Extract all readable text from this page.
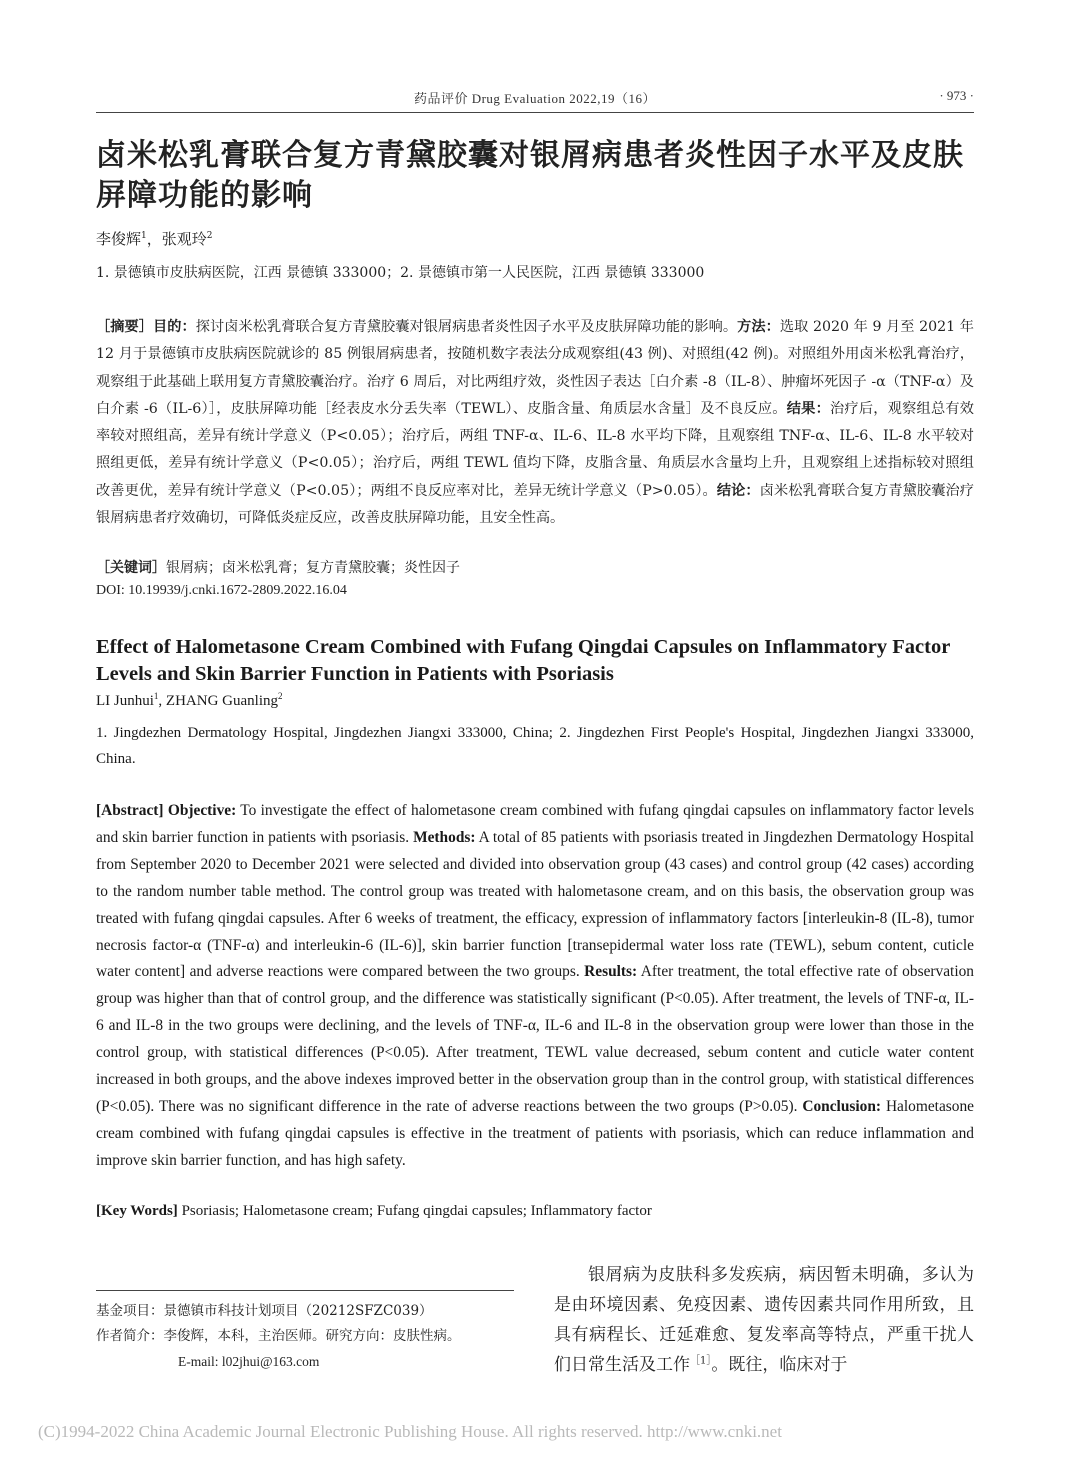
药品评价 Drug Evaluation 2022,19（16）	· 973 ·
卤米松乳膏联合复方青黛胶囊对银屑病患者炎性因子水平及皮肤屏障功能的影响
李俊辉$^1$，张观玲$^2$
1. 景德镇市皮肤病医院，江西 景德镇 333000；2. 景德镇市第一人民医院，江西 景德镇 333000

［摘要］目的：探讨卤米松乳膏联合复方青黛胶囊对银屑病患者炎性因子水平及皮肤屏障功能的影响。方法：选取 2020 年 9 月至 2021 年 12 月于景德镇市皮肤病医院就诊的 85 例银屑病患者，按随机数字表法分成观察组(43 例)、对照组(42 例)。对照组外用卤米松乳膏治疗，观察组于此基础上联用复方青黛胶囊治疗。治疗 6 周后，对比两组疗效，炎性因子表达［白介素 -8（IL-8）、肿瘤坏死因子 -α（TNF-α）及白介素 -6（IL-6）］，皮肤屏障功能［经表皮水分丢失率（TEWL）、皮脂含量、角质层水含量］及不良反应。结果：治疗后，观察组总有效率较对照组高，差异有统计学意义（P<0.05）；治疗后，两组 TNF-α、IL-6、IL-8 水平均下降，且观察组 TNF-α、IL-6、IL-8 水平较对照组更低，差异有统计学意义（P<0.05）；治疗后，两组 TEWL 值均下降，皮脂含量、角质层水含量均上升，且观察组上述指标较对照组改善更优，差异有统计学意义（P<0.05）；两组不良反应率对比，差异无统计学意义（P>0.05）。结论：卤米松乳膏联合复方青黛胶囊治疗银屑病患者疗效确切，可降低炎症反应，改善皮肤屏障功能，且安全性高。

［关键词］银屑病；卤米松乳膏；复方青黛胶囊；炎性因子
DOI: 10.19939/j.cnki.1672-2809.2022.16.04
Effect of Halometasone Cream Combined with Fufang Qingdai Capsules on Inflammatory Factor Levels and Skin Barrier Function in Patients with Psoriasis
LI Junhui$^1$, ZHANG Guanling$^2$

1. Jingdezhen Dermatology Hospital, Jingdezhen Jiangxi 333000, China; 2. Jingdezhen First People's Hospital, Jingdezhen Jiangxi 333000, China.

[Abstract] Objective: To investigate the effect of halometasone cream combined with fufang qingdai capsules on inflammatory factor levels and skin barrier function in patients with psoriasis. Methods: A total of 85 patients with psoriasis treated in Jingdezhen Dermatology Hospital from September 2020 to December 2021 were selected and divided into observation group (43 cases) and control group (42 cases) according to the random number table method. The control group was treated with halometasone cream, and on this basis, the observation group was treated with fufang qingdai capsules. After 6 weeks of treatment, the efficacy, expression of inflammatory factors [interleukin-8 (IL-8), tumor necrosis factor-α (TNF-α) and interleukin-6 (IL-6)], skin barrier function [transepidermal water loss rate (TEWL), sebum content, cuticle water content] and adverse reactions were compared between the two groups. Results: After treatment, the total effective rate of observation group was higher than that of control group, and the difference was statistically significant (P<0.05). After treatment, the levels of TNF-α, IL-6 and IL-8 in the two groups were declining, and the levels of TNF-α, IL-6 and IL-8 in the observation group were lower than those in the control group, with statistical differences (P<0.05). After treatment, TEWL value decreased, sebum content and cuticle water content increased in both groups, and the above indexes improved better in the observation group than in the control group, with statistical differences (P<0.05). There was no significant difference in the rate of adverse reactions between the two groups (P>0.05). Conclusion: Halometasone cream combined with fufang qingdai capsules is effective in the treatment of patients with psoriasis, which can reduce inflammation and improve skin barrier function, and has high safety.

[Key Words] Psoriasis; Halometasone cream; Fufang qingdai capsules; Inflammatory factor
基金项目：景德镇市科技计划项目（20212SFZC039）
作者简介：李俊辉，本科，主治医师。研究方向：皮肤性病。
E-mail: l02jhui@163.com

银屑病为皮肤科多发疾病，病因暂未明确，多认为是由环境因素、免疫因素、遗传因素共同作用所致，且具有病程长、迁延难愈、复发率高等特点，严重干扰人们日常生活及工作$^{[1]}$。既往，临床对于

(C)1994-2022 China Academic Journal Electronic Publishing House. All rights reserved. http://www.cnki.net
